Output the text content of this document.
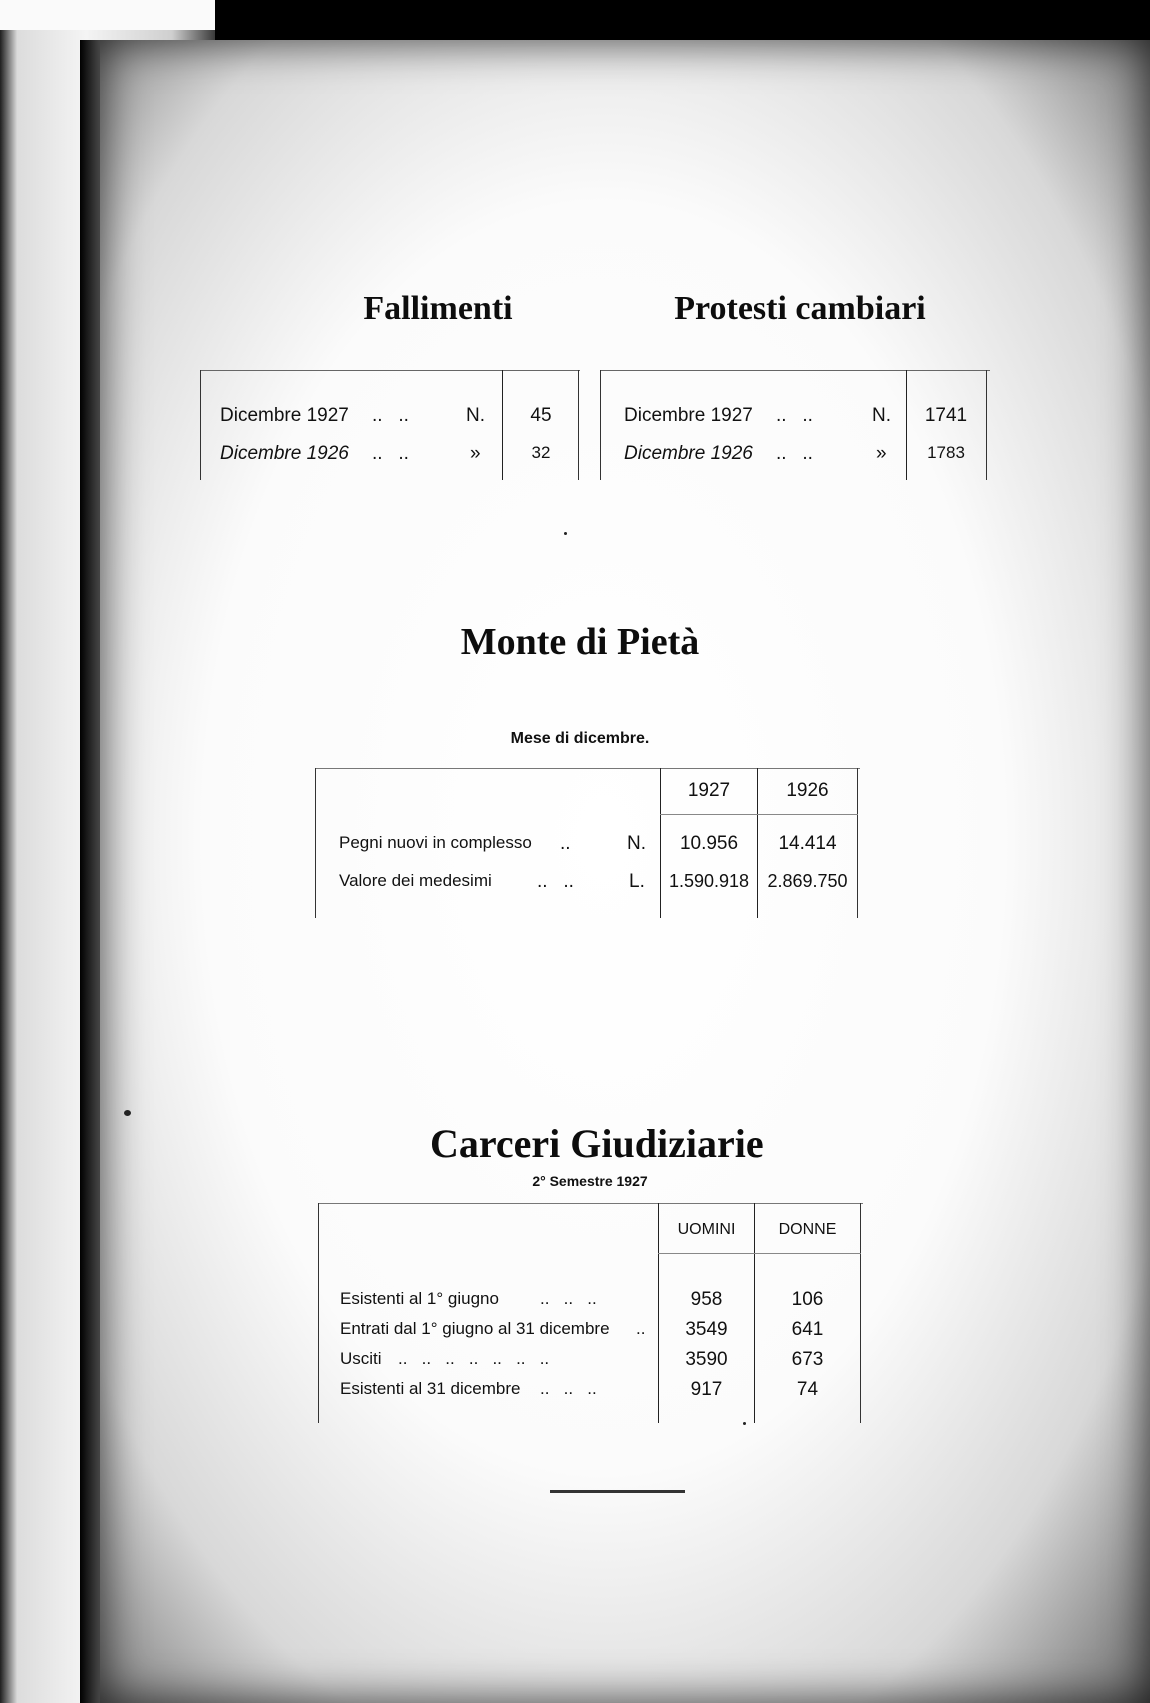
Fallimenti
Dicembre 1927 ..   ..	N.	45
Dicembre 1926 ..   ..	»	32
Protesti cambiari
Dicembre 1927 ..   ..	N.	1741
Dicembre 1926 ..   ..	»	1783
Monte di Pietà
Mese di dicembre.
1927	1926
Pegni nuovi in complesso ..	N.	10.956	14.414
Valore dei medesimi ..   ..	L.	1.590.918	2.869.750
Carceri Giudiziarie
2° Semestre 1927
UOMINI	DONNE
Esistenti al 1° giugno ..   ..   ..	958	106
Entrati dal 1° giugno al 31 dicembre ..	3549	641
Usciti ..   ..   ..   ..   ..   ..   ..	3590	673
Esistenti al 31 dicembre ..   ..   ..	917	74
